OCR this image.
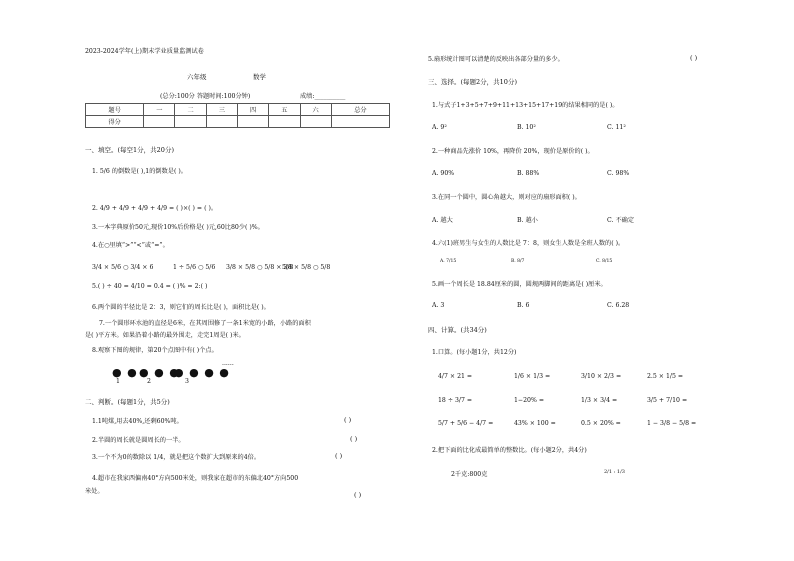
2023-2024学年(上)期末学业质量监测试卷
六年级	数学
(总分:100分 答题时间:100分钟)	成绩:__________
题号	一	二	三	四	五	六	总分
得分							
一、填空。(每空1分，共20分)
1. 5/6 的倒数是( ),1的倒数是( )。
2. 4/9 + 4/9 + 4/9 + 4/9 = ( )×( ) = ( )。
3.一本字典原价50元,现价10%后价格是( )元,60比80少( )%。
4.在○里填“>”“<”或“=”。
3/4 × 5/6 ○ 3/4 × 6	1 ÷ 5/6 ○ 5/6 3/8 × 5/8 ○ 5/8 × 3/8
5/8 × 5/8 ○ 5/8
5.( ) ÷ 40 = 4/10 = 0.4 = ( )% = 2:( )
6.两个圆的半径比是 2：3，则它们的周长比是( )，面积比是( )。
7.一个圆形环水池的直径是6米，在其周围修了一条1米宽的小路，小路的面积
是( )平方米。如果沿着小路的最外围走，走完1周是( )米。
8.观察下图的规律，第20个点图中有( )个点。
● ● ● ● ●
● ● ● ●
······
1	2	3
二、判断。(每题1分，共5分)
1.1吨煤,用去40%,还剩60%吨。	( )
2.半圆的周长就是圆周长的一半。	( )
3.一个不为0的数除以 1/4，就是把这个数扩大到原来的4倍。	( )
4.超市在我家西偏南40°方向500米处，则我家在超市的东偏北40°方向500
米处。	( )
5.扇形统计图可以清楚的反映出各部分量的多少。	( )
三、选择。(每题2分，共10分)
1.与式子1+3+5+7+9+11+13+15+17+19的结果相同的是( )。
A. 9²	B. 10²	C. 11²
2.一种商品先涨价 10%，再降价 20%，现价是原价的( )。
A. 90%	B. 88%	C. 98%
3.在同一个圆中，圆心角越大，则对应的扇形面积( )。
A. 越大	B. 越小	C. 不确定
4.六(1)班男生与女生的人数比是 7：8，则女生人数是全班人数的( )。
A. 7/15	B. 8/7	C. 8/15
5.画一个周长是 18.84厘米的圆，圆规两脚间的距离是( )厘米。
A. 3	B. 6	C. 6.28
四、计算。(共34分)
1.口算。(每小题1分，共12分)
4/7 × 21 =	1/6 × 1/3 =	3/10 × 2/3 =	2.5 × 1/5 =
18 ÷ 3/7 =	1−20% =	1/3 × 3/4 =	3/5 + 7/10 =
5/7 + 5/6 − 4/7 =	43% × 100 =	0.5 × 20% =	1 − 3/8 − 5/8 =
2.把下面的比化成最简单的整数比。(每小题2分，共4分)
2千克:800克	2/1 : 1/3
